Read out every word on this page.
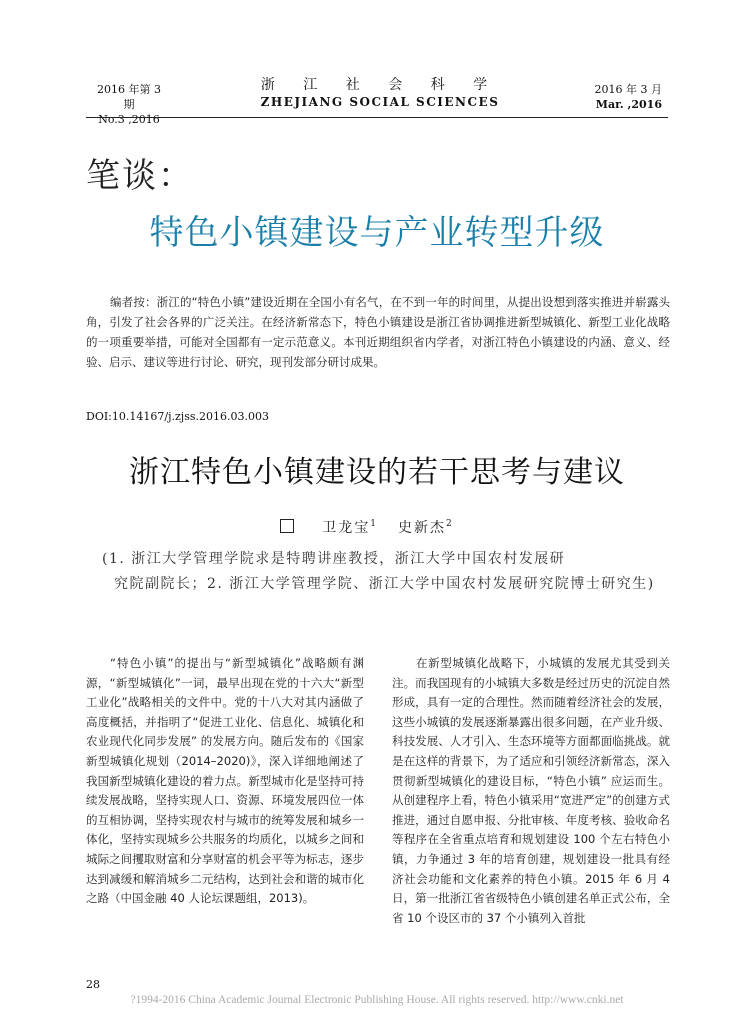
2016 年第 3 期
No.3 ,2016
浙 江 社 会 科 学
ZHEJIANG SOCIAL SCIENCES
2016 年 3 月
Mar. ,2016
笔谈：
特色小镇建设与产业转型升级
编者按：浙江的“特色小镇”建设近期在全国小有名气，在不到一年的时间里，从提出设想到落实推进并崭露头角，引发了社会各界的广泛关注。在经济新常态下，特色小镇建设是浙江省协调推进新型城镇化、新型工业化战略的一项重要举措，可能对全国都有一定示范意义。本刊近期组织省内学者，对浙江特色小镇建设的内涵、意义、经验、启示、建议等进行讨论、研究，现刊发部分研讨成果。
DOI:10.14167/j.zjss.2016.03.003
浙江特色小镇建设的若干思考与建议
卫龙宝$^1$ 史新杰$^2$
(1. 浙江大学管理学院求是特聘讲座教授，浙江大学中国农村发展研
究院副院长；2. 浙江大学管理学院、浙江大学中国农村发展研究院博士研究生)
“特色小镇”的提出与“新型城镇化”战略颇有渊源，“新型城镇化”一词，最早出现在党的十六大“新型工业化”战略相关的文件中。党的十八大对其内涵做了高度概括，并指明了“促进工业化、信息化、城镇化和农业现代化同步发展” 的发展方向。随后发布的《国家新型城镇化规划（2014–2020)》，深入详细地阐述了我国新型城镇化建设的着力点。新型城市化是坚持可持续发展战略，坚持实现人口、资源、环境发展四位一体的互相协调，坚持实现农村与城市的统筹发展和城乡一体化，坚持实现城乡公共服务的均质化，以城乡之间和城际之间攫取财富和分享财富的机会平等为标志，逐步达到减缓和解消城乡二元结构，达到社会和谐的城市化之路（中国金融 40 人论坛课题组，2013)。
在新型城镇化战略下，小城镇的发展尤其受到关注。而我国现有的小城镇大多数是经过历史的沉淀自然形成，具有一定的合理性。然而随着经济社会的发展，这些小城镇的发展逐渐暴露出很多问题，在产业升级、科技发展、人才引入、生态环境等方面都面临挑战。就是在这样的背景下，为了适应和引领经济新常态，深入贯彻新型城镇化的建设目标，“特色小镇” 应运而生。从创建程序上看，特色小镇采用“宽进严定”的创建方式推进，通过自愿申报、分批审核、年度考核、验收命名等程序在全省重点培育和规划建设 100 个左右特色小镇，力争通过 3 年的培育创建，规划建设一批具有经济社会功能和文化素养的特色小镇。2015 年 6 月 4 日，第一批浙江省省级特色小镇创建名单正式公布，全省 10 个设区市的 37 个小镇列入首批
28
?1994-2016 China Academic Journal Electronic Publishing House. All rights reserved. http://www.cnki.net
